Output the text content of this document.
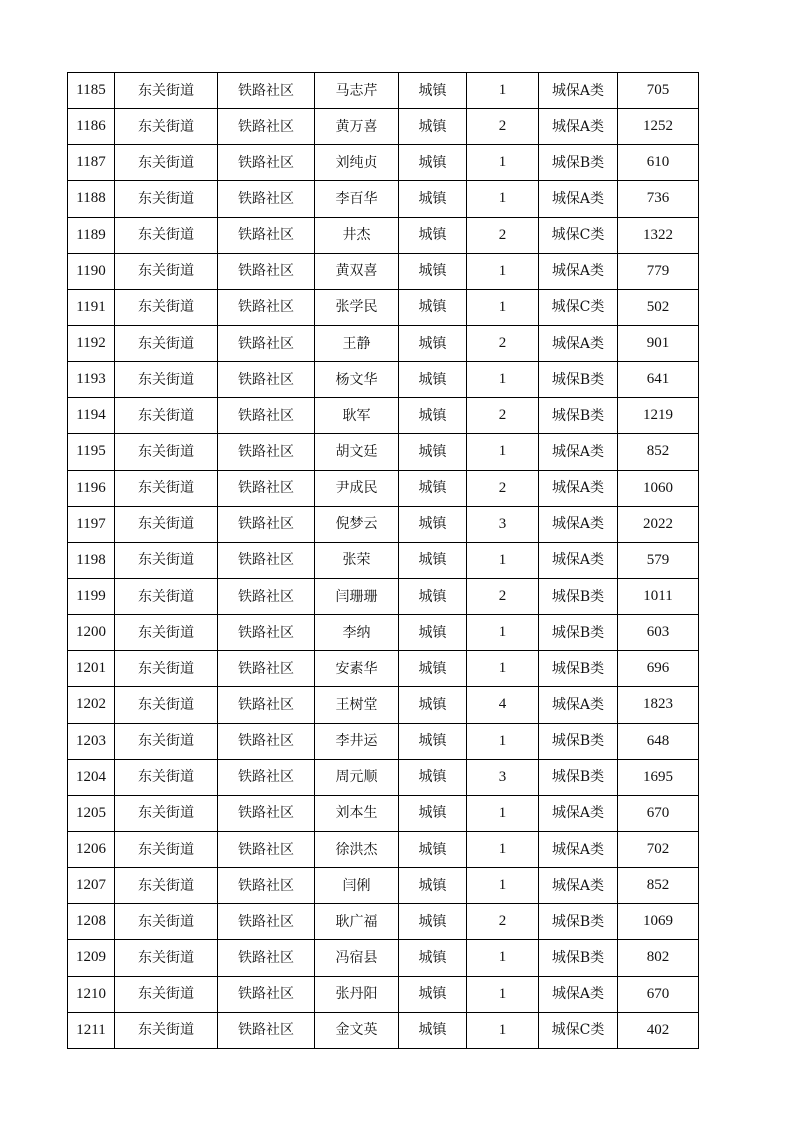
1185	东关街道	铁路社区	马志芹	城镇	1	城保A类	705
1186	东关街道	铁路社区	黄万喜	城镇	2	城保A类	1252
1187	东关街道	铁路社区	刘纯贞	城镇	1	城保B类	610
1188	东关街道	铁路社区	李百华	城镇	1	城保A类	736
1189	东关街道	铁路社区	井杰	城镇	2	城保C类	1322
1190	东关街道	铁路社区	黄双喜	城镇	1	城保A类	779
1191	东关街道	铁路社区	张学民	城镇	1	城保C类	502
1192	东关街道	铁路社区	王静	城镇	2	城保A类	901
1193	东关街道	铁路社区	杨文华	城镇	1	城保B类	641
1194	东关街道	铁路社区	耿军	城镇	2	城保B类	1219
1195	东关街道	铁路社区	胡文廷	城镇	1	城保A类	852
1196	东关街道	铁路社区	尹成民	城镇	2	城保A类	1060
1197	东关街道	铁路社区	倪梦云	城镇	3	城保A类	2022
1198	东关街道	铁路社区	张荣	城镇	1	城保A类	579
1199	东关街道	铁路社区	闫珊珊	城镇	2	城保B类	1011
1200	东关街道	铁路社区	李纳	城镇	1	城保B类	603
1201	东关街道	铁路社区	安素华	城镇	1	城保B类	696
1202	东关街道	铁路社区	王树堂	城镇	4	城保A类	1823
1203	东关街道	铁路社区	李井运	城镇	1	城保B类	648
1204	东关街道	铁路社区	周元顺	城镇	3	城保B类	1695
1205	东关街道	铁路社区	刘本生	城镇	1	城保A类	670
1206	东关街道	铁路社区	徐洪杰	城镇	1	城保A类	702
1207	东关街道	铁路社区	闫俐	城镇	1	城保A类	852
1208	东关街道	铁路社区	耿广福	城镇	2	城保B类	1069
1209	东关街道	铁路社区	冯宿县	城镇	1	城保B类	802
1210	东关街道	铁路社区	张丹阳	城镇	1	城保A类	670
1211	东关街道	铁路社区	金文英	城镇	1	城保C类	402
